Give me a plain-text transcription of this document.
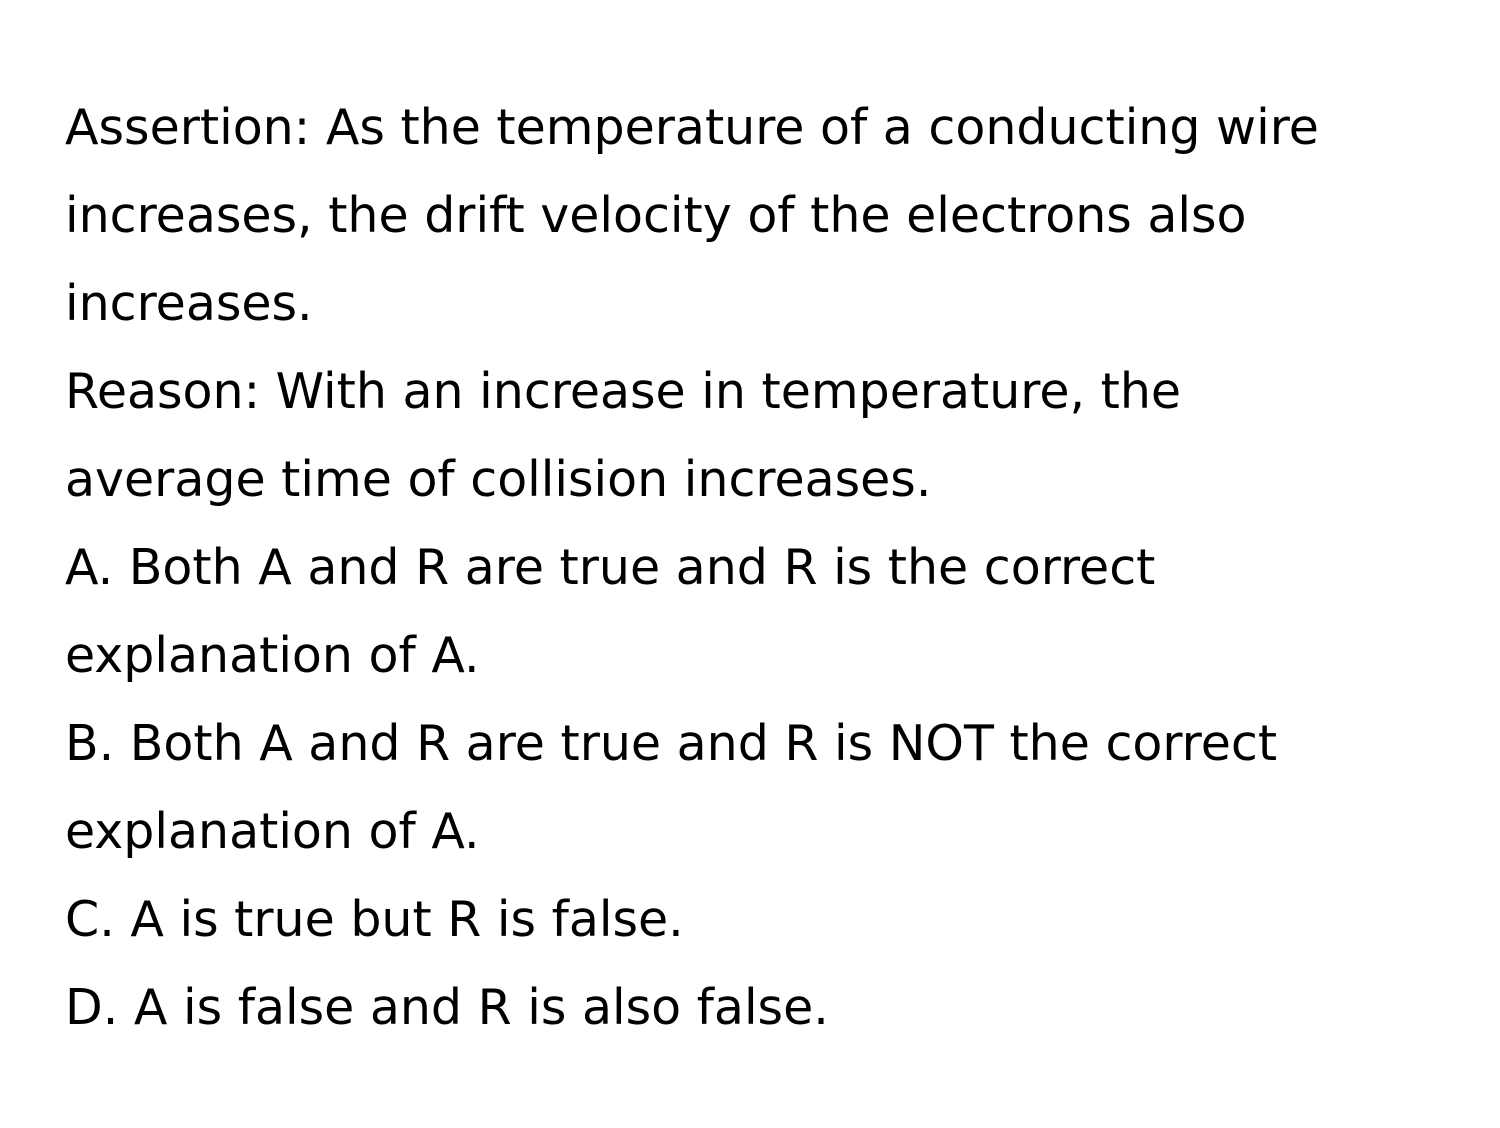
Assertion: As the temperature of a conducting wire
increases, the drift velocity of the electrons also
increases.
Reason: With an increase in temperature, the
average time of collision increases.
A. Both A and R are true and R is the correct
explanation of A.
B. Both A and R are true and R is NOT the correct
explanation of A.
C. A is true but R is false.
D. A is false and R is also false.
